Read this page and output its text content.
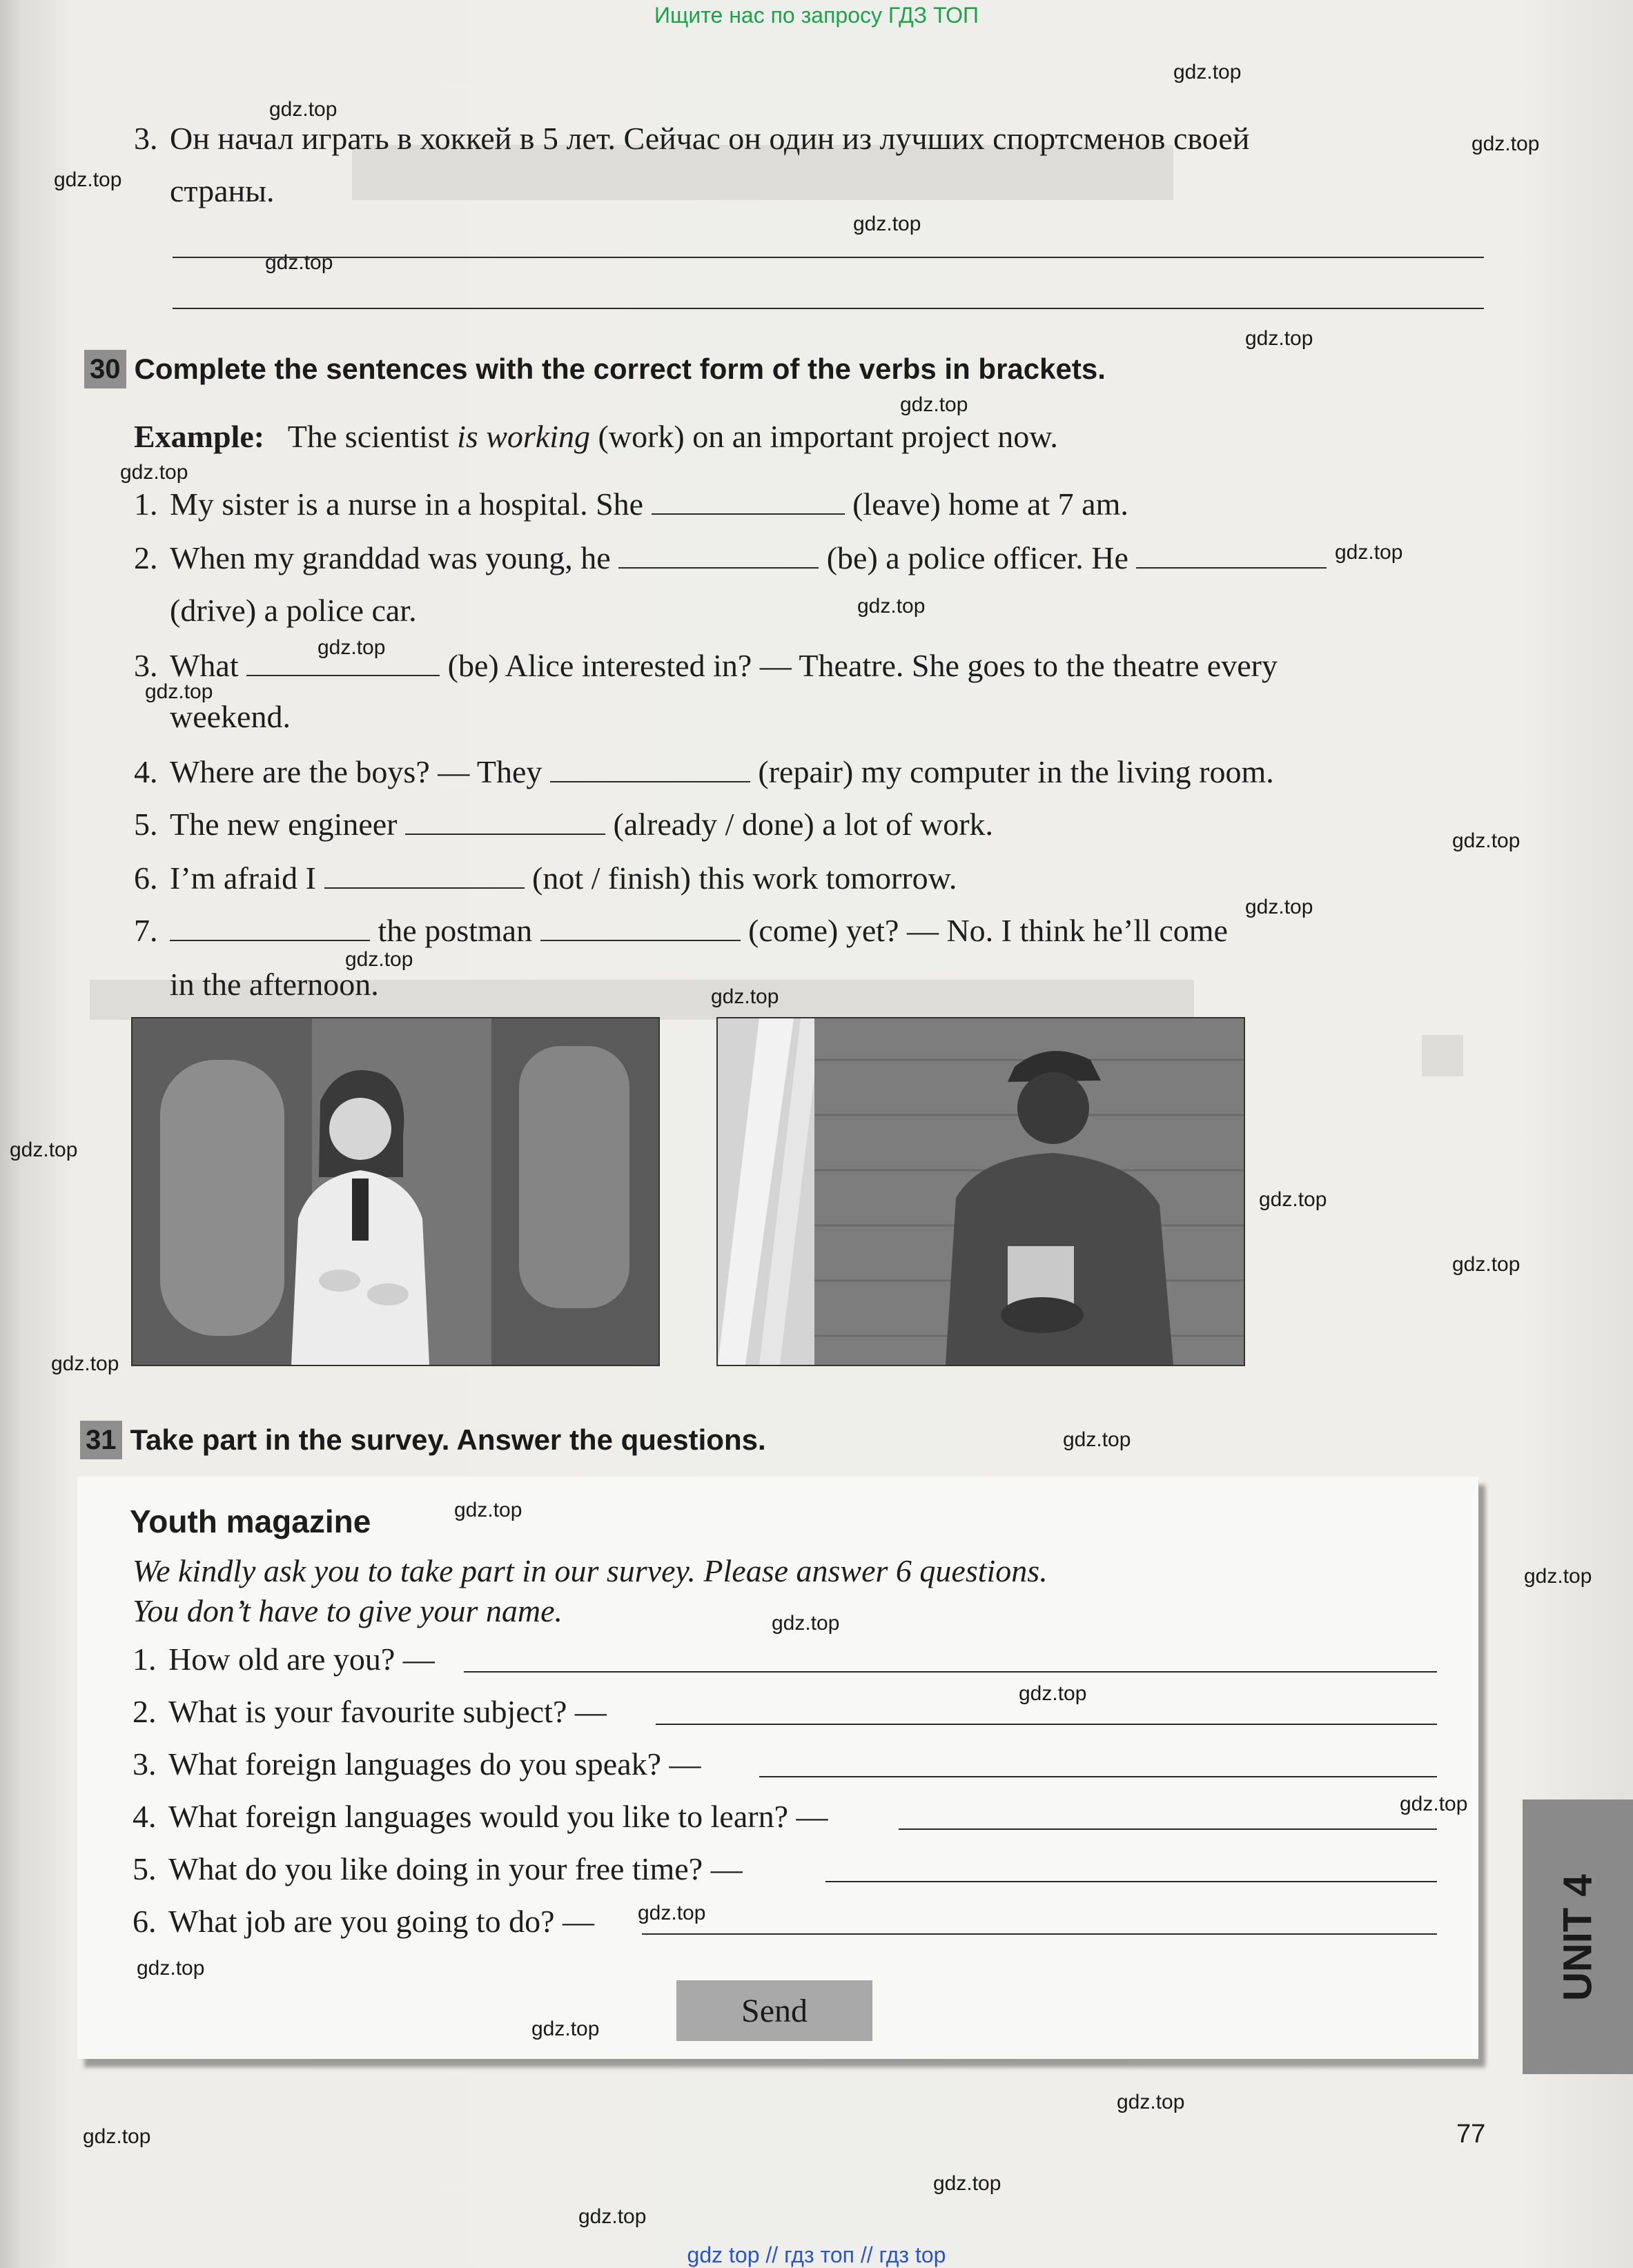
Ищите нас по запросу ГДЗ ТОП
gdz top // гдз топ // гдз top
3. Он начал играть в хоккей в 5 лет. Сейчас он один из лучших спортсменов своей
страны.
30 Complete the sentences with the correct form of the verbs in brackets.
Example: The scientist is working (work) on an important project now.
1. My sister is a nurse in a hospital. She	(leave) home at 7 am.
2. When my granddad was young, he	(be) a police officer. He
(drive) a police car.
3. What	(be) Alice interested in? — Theatre. She goes to the theatre every
weekend.
4. Where are the boys? — They	(repair) my computer in the living room.
5. The new engineer	(already / done) a lot of work.
6. I’m afraid I	(not / finish) this work tomorrow.
7.	the postman	(come) yet? — No. I think he’ll come
in the afternoon.
31 Take part in the survey. Answer the questions.
Youth magazine
We kindly ask you to take part in our survey. Please answer 6 questions.
You don’t have to give your name.
1. How old are you? —
2. What is your favourite subject? —
3. What foreign languages do you speak? —
4. What foreign languages would you like to learn? —
5. What do you like doing in your free time? —
6. What job are you going to do? —
Send
UNIT 4
77
gdz.top
gdz.top
gdz.top
gdz.top
gdz.top
gdz.top
gdz.top
gdz.top
gdz.top
gdz.top
gdz.top
gdz.top
gdz.top
gdz.top
gdz.top
gdz.top
gdz.top
gdz.top
gdz.top
gdz.top
gdz.top
gdz.top
gdz.top
gdz.top
gdz.top
gdz.top
gdz.top
gdz.top
gdz.top
gdz.top
gdz.top
gdz.top
gdz.top
gdz.top
